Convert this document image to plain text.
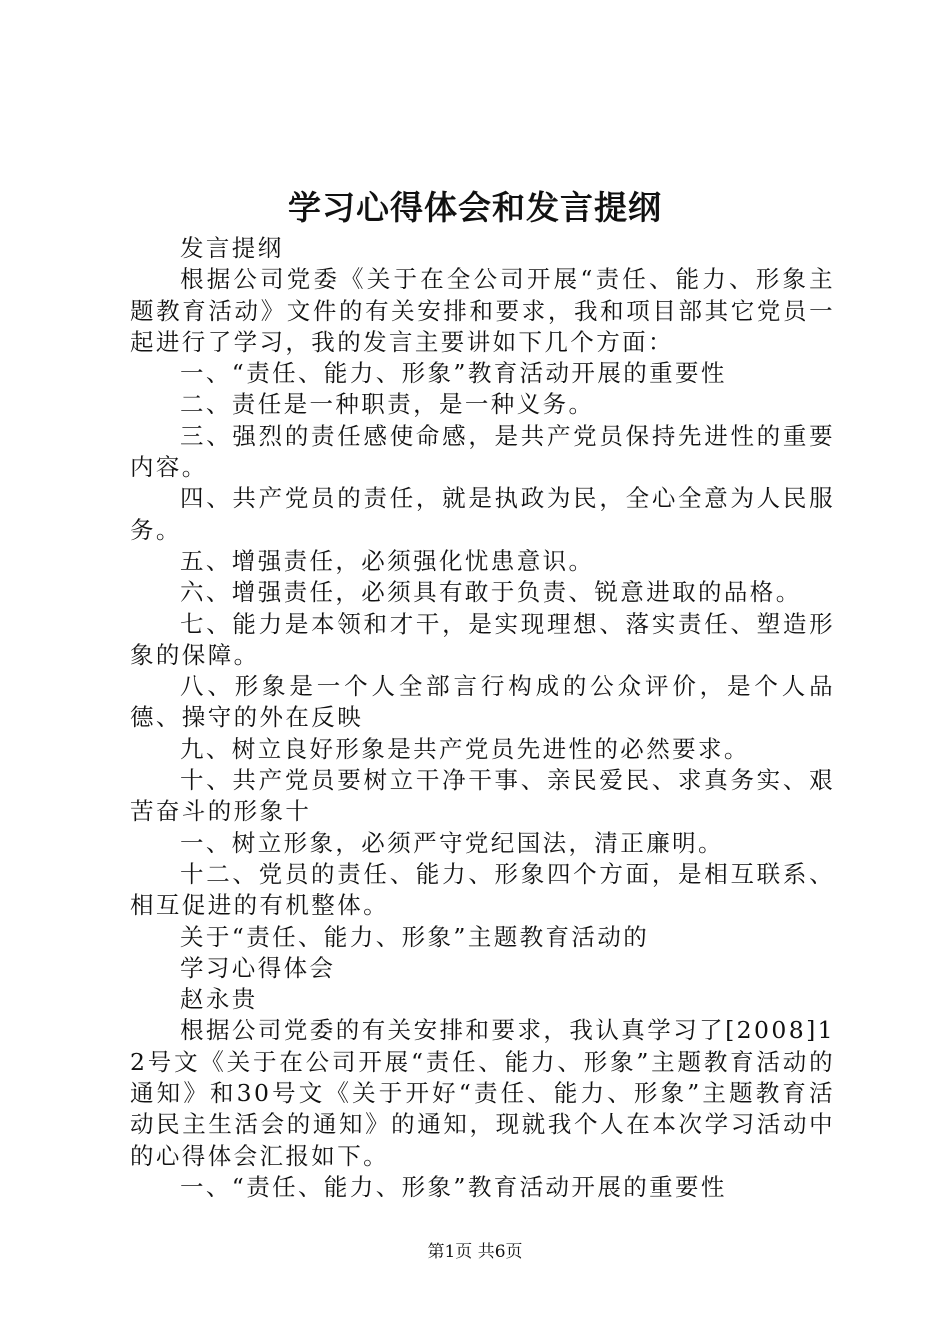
学习心得体会和发言提纲

发言提纲

根据公司党委《关于在全公司开展“责任、能力、形象主题教育活动》文件的有关安排和要求，我和项目部其它党员一起进行了学习，我的发言主要讲如下几个方面：

一、“责任、能力、形象”教育活动开展的重要性

二、责任是一种职责，是一种义务。

三、强烈的责任感使命感，是共产党员保持先进性的重要内容。

四、共产党员的责任，就是执政为民，全心全意为人民服务。

五、增强责任，必须强化忧患意识。

六、增强责任，必须具有敢于负责、锐意进取的品格。

七、能力是本领和才干，是实现理想、落实责任、塑造形象的保障。

八、形象是一个人全部言行构成的公众评价，是个人品德、操守的外在反映

九、树立良好形象是共产党员先进性的必然要求。

十、共产党员要树立干净干事、亲民爱民、求真务实、艰苦奋斗的形象十

一、树立形象，必须严守党纪国法，清正廉明。

十二、党员的责任、能力、形象四个方面，是相互联系、相互促进的有机整体。

关于“责任、能力、形象”主题教育活动的

学习心得体会

赵永贵

根据公司党委的有关安排和要求，我认真学习了[2008]12号文《关于在公司开展“责任、能力、形象”主题教育活动的通知》和30号文《关于开好“责任、能力、形象”主题教育活动民主生活会的通知》的通知，现就我个人在本次学习活动中的心得体会汇报如下。

一、“责任、能力、形象”教育活动开展的重要性

第1页 共6页
